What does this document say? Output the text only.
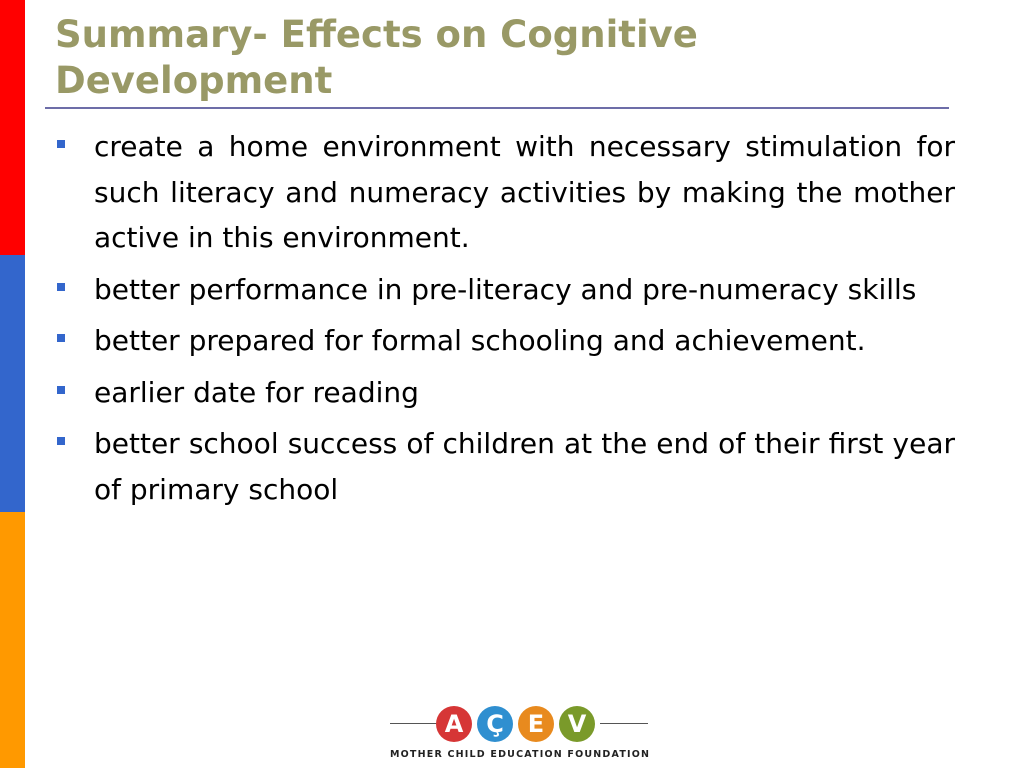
Summary- Effects on Cognitive Development
create a home environment with necessary stimulation for such literacy and numeracy activities by making the mother active in this environment.
better performance in pre-literacy and pre-numeracy skills
better prepared for formal schooling and achievement.
earlier date for reading
better school success of children at the end of their first year of primary school
A Ç E V
MOTHER CHILD EDUCATION FOUNDATION
